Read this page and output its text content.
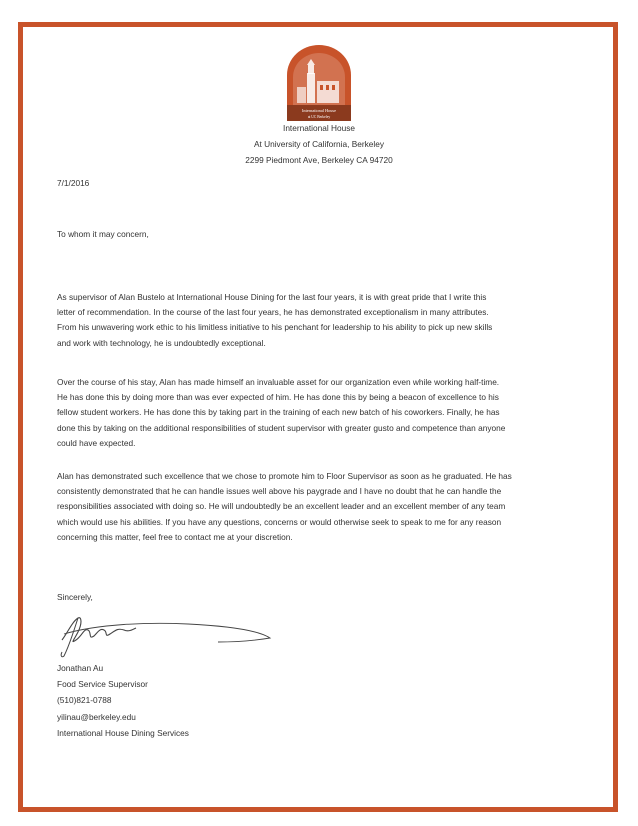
International House
at UC Berkeley
International House
At University of California, Berkeley
2299 Piedmont Ave, Berkeley CA 94720
7/1/2016
To whom it may concern,
As supervisor of Alan Bustelo at International House Dining for the last four years, it is with great pride that I write this
letter of recommendation. In the course of the last four years, he has demonstrated exceptionalism in many attributes.
From his unwavering work ethic to his limitless initiative to his penchant for leadership to his ability to pick up new skills
and work with technology, he is undoubtedly exceptional.
Over the course of his stay, Alan has made himself an invaluable asset for our organization even while working half-time.
He has done this by doing more than was ever expected of him. He has done this by being a beacon of excellence to his
fellow student workers. He has done this by taking part in the training of each new batch of his coworkers. Finally, he has
done this by taking on the additional responsibilities of student supervisor with greater gusto and competence than anyone
could have expected.
Alan has demonstrated such excellence that we chose to promote him to Floor Supervisor as soon as he graduated. He has
consistently demonstrated that he can handle issues well above his paygrade and I have no doubt that he can handle the
responsibilities associated with doing so. He will undoubtedly be an excellent leader and an excellent member of any team
which would use his abilities. If you have any questions, concerns or would otherwise seek to speak to me for any reason
concerning this matter, feel free to contact me at your discretion.
Sincerely,
Jonathan Au
Food Service Supervisor
(510)821-0788
yilinau@berkeley.edu
International House Dining Services
